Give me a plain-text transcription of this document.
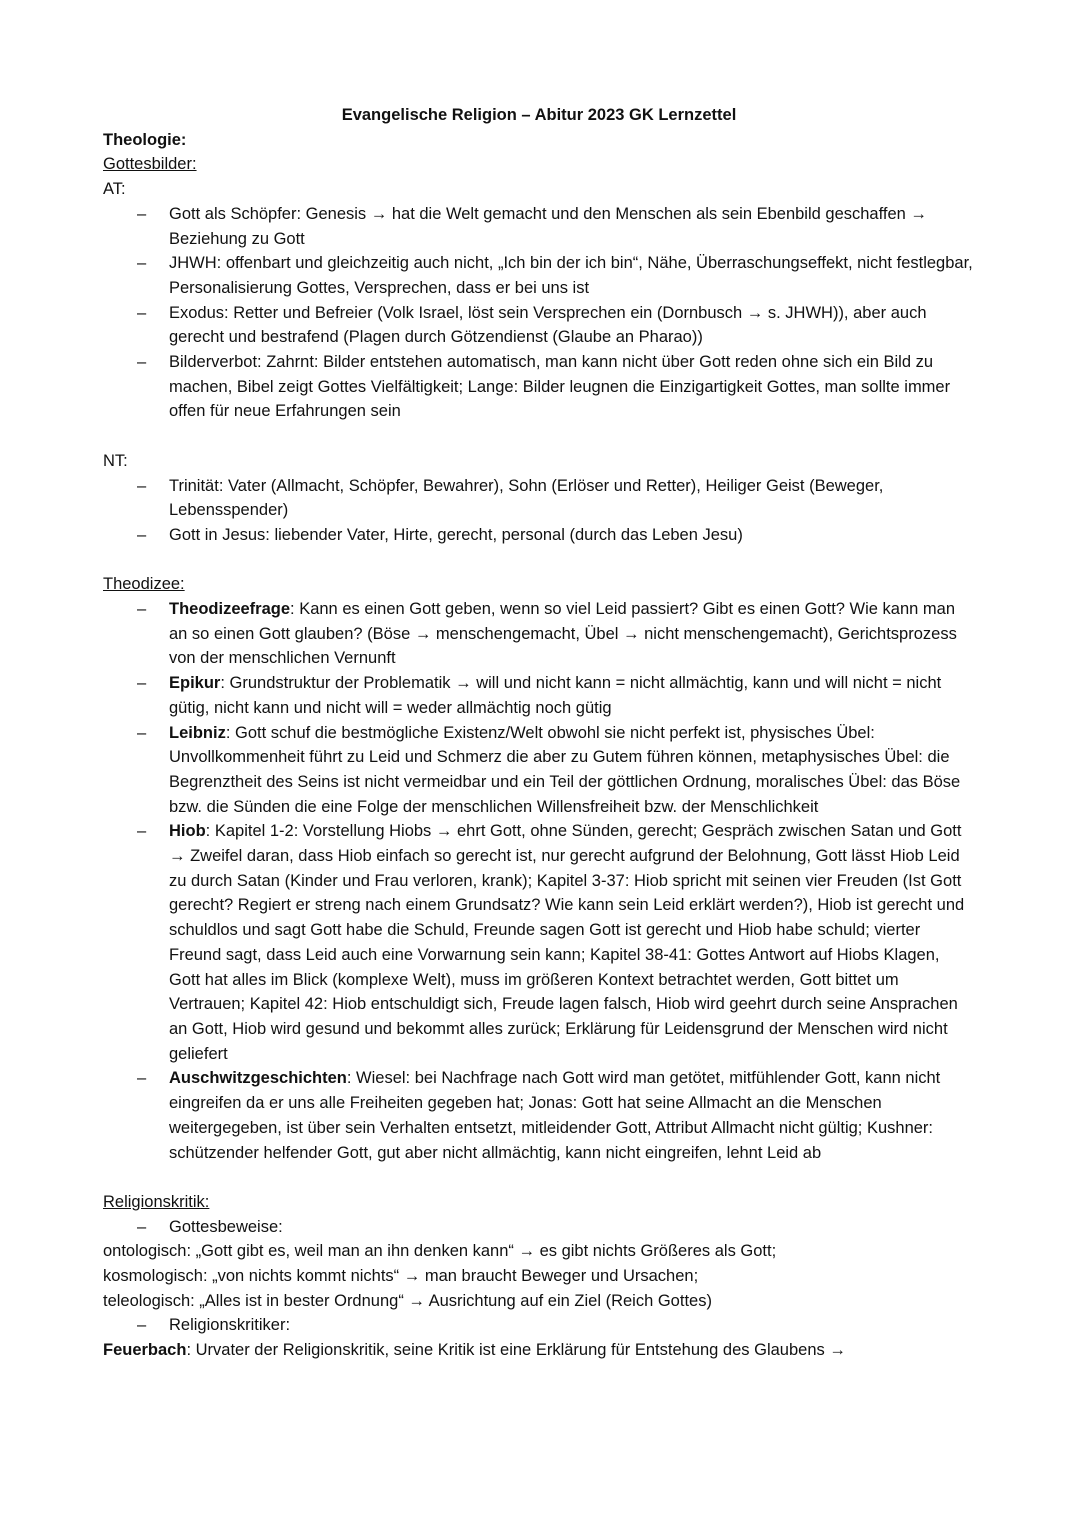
Evangelische Religion – Abitur 2023 GK Lernzettel

Theologie:

Gottesbilder:

AT:

– Gott als Schöpfer: Genesis → hat die Welt gemacht und den Menschen als sein Ebenbild geschaffen → Beziehung zu Gott

– JHWH: offenbart und gleichzeitig auch nicht, „Ich bin der ich bin“, Nähe, Überraschungseffekt, nicht festlegbar, Personalisierung Gottes, Versprechen, dass er bei uns ist

– Exodus: Retter und Befreier (Volk Israel, löst sein Versprechen ein (Dornbusch → s. JHWH)), aber auch gerecht und bestrafend (Plagen durch Götzendienst (Glaube an Pharao))

– Bilderverbot: Zahrnt: Bilder entstehen automatisch, man kann nicht über Gott reden ohne sich ein Bild zu machen, Bibel zeigt Gottes Vielfältigkeit; Lange: Bilder leugnen die Einzigartigkeit Gottes, man sollte immer offen für neue Erfahrungen sein

NT:

– Trinität: Vater (Allmacht, Schöpfer, Bewahrer), Sohn (Erlöser und Retter), Heiliger Geist (Beweger, Lebensspender)

– Gott in Jesus: liebender Vater, Hirte, gerecht, personal (durch das Leben Jesu)

Theodizee:

– Theodizeefrage: Kann es einen Gott geben, wenn so viel Leid passiert? Gibt es einen Gott? Wie kann man an so einen Gott glauben? (Böse → menschengemacht, Übel → nicht menschengemacht), Gerichtsprozess von der menschlichen Vernunft

– Epikur: Grundstruktur der Problematik → will und nicht kann = nicht allmächtig, kann und will nicht = nicht gütig, nicht kann und nicht will = weder allmächtig noch gütig

– Leibniz: Gott schuf die bestmögliche Existenz/Welt obwohl sie nicht perfekt ist, physisches Übel: Unvollkommenheit führt zu Leid und Schmerz die aber zu Gutem führen können, metaphysisches Übel: die Begrenztheit des Seins ist nicht vermeidbar und ein Teil der göttlichen Ordnung, moralisches Übel: das Böse bzw. die Sünden die eine Folge der menschlichen Willensfreiheit bzw. der Menschlichkeit

– Hiob: Kapitel 1-2: Vorstellung Hiobs → ehrt Gott, ohne Sünden, gerecht; Gespräch zwischen Satan und Gott → Zweifel daran, dass Hiob einfach so gerecht ist, nur gerecht aufgrund der Belohnung, Gott lässt Hiob Leid zu durch Satan (Kinder und Frau verloren, krank); Kapitel 3-37: Hiob spricht mit seinen vier Freuden (Ist Gott gerecht? Regiert er streng nach einem Grundsatz? Wie kann sein Leid erklärt werden?), Hiob ist gerecht und schuldlos und sagt Gott habe die Schuld, Freunde sagen Gott ist gerecht und Hiob habe schuld; vierter Freund sagt, dass Leid auch eine Vorwarnung sein kann; Kapitel 38-41: Gottes Antwort auf Hiobs Klagen, Gott hat alles im Blick (komplexe Welt), muss im größeren Kontext betrachtet werden, Gott bittet um Vertrauen; Kapitel 42: Hiob entschuldigt sich, Freude lagen falsch, Hiob wird geehrt durch seine Ansprachen an Gott, Hiob wird gesund und bekommt alles zurück; Erklärung für Leidensgrund der Menschen wird nicht geliefert

– Auschwitzgeschichten: Wiesel: bei Nachfrage nach Gott wird man getötet, mitfühlender Gott, kann nicht eingreifen da er uns alle Freiheiten gegeben hat; Jonas: Gott hat seine Allmacht an die Menschen weitergegeben, ist über sein Verhalten entsetzt, mitleidender Gott, Attribut Allmacht nicht gültig; Kushner: schützender helfender Gott, gut aber nicht allmächtig, kann nicht eingreifen, lehnt Leid ab

Religionskritik:

– Gottesbeweise:

ontologisch: „Gott gibt es, weil man an ihn denken kann“ → es gibt nichts Größeres als Gott;

kosmologisch: „von nichts kommt nichts“ → man braucht Beweger und Ursachen;

teleologisch: „Alles ist in bester Ordnung“ → Ausrichtung auf ein Ziel (Reich Gottes)

– Religionskritiker:

Feuerbach: Urvater der Religionskritik, seine Kritik ist eine Erklärung für Entstehung des Glaubens →
